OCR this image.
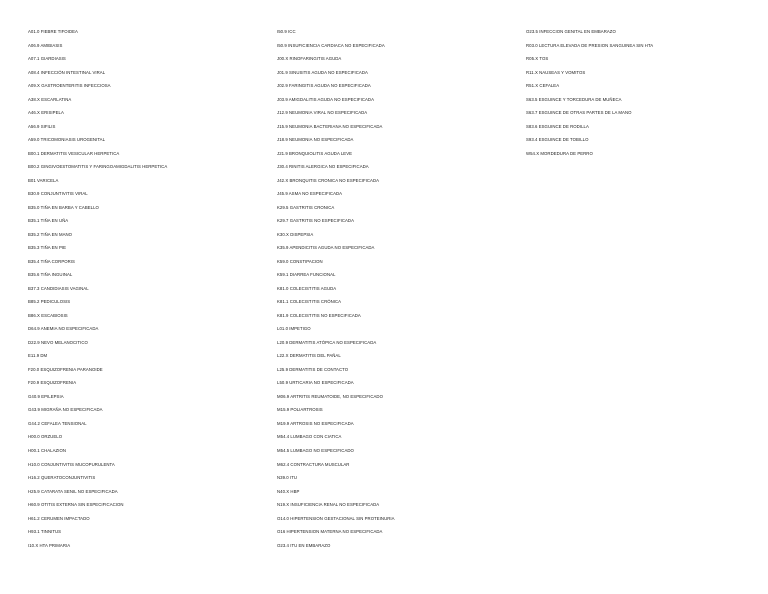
A01.0 FIEBRE TIFOIDEA
A06.9 AMIBIASIS
A07.1 GIARDIASIS
A08.4 INFECCIÓN INTESTINAL VIRAL
A09.X GASTROENTERITIS INFECCIOSA
A38.X ESCARLATINA
A46.X ERISIPELA
A56.9 SIFILIS
A59.0 TRICOMONIASIS UROGENITAL
B00.1 DERMATITIS VESICULAR HERPETICA
B00.2 GINGIVOESTOMATITIS Y FARINGOAMIGDALITIS HERPETICA
B01 VARICELA
B30.9 CONJUNTIVITIS VIRAL
B35.0 TIÑA EN BARBA Y CABELLO
B35.1 TIÑA EN UÑA
B35.2 TIÑA EN MANO
B35.3 TIÑA EN PIE
B35.4 TIÑA CORPORIS
B35.6 TIÑA INGUINAL
B37.3 CANDIDIASIS VAGINAL
B85.2 PEDICULOSIS
B86.X ESCABIOSIS
D64.9 ANEMIA NO ESPECIFICADA
D22.9 NEVO MELANOCITICO
E11.9 DM
F20.0 ESQUIZOFRENIA PARANOIDE
F20.9 ESQUIZOFRENIA
G40.9 EPILEPSIA
G43.9 MIGRAÑA NO ESPECIFICADA
G44.2 CEFALEA TENSIONAL
H00.0 ORZUELO
H00.1 CHALAZION
H10.0 CONJUNTIVITIS MUCOPURULENTA
H16.2 QUERATOCONJUNTIVITIS
H25.9 CATARATA SENIL NO ESPECIFICADA
H60.9 OTITIS EXTERNA SIN ESPECIFICACION
H61.2 CERUMEN IMPACTADO
H93.1 TINNITUS
I10.X HTA PRIMARIA
I50.9 ICC
I50.9 INSUFICIENCIA CARDIACA NO ESPECIFICADA
J00.X RINOFARINGITIS AGUDA
J01.9 SINUSITIS AGUDA NO ESPECIFICADA
J02.9 FARINGITIS AGUDA NO ESPECIFICADA
J03.9 AMIGDALITIS AGUDA NO ESPECIFICADA
J12.9 NEUMONIA VIRAL NO ESPECIFICADA
J15.9 NEUMONIA BACTERIANA NO ESPECIFICADA
J18.9 NEUMONIA NO ESPECIFICADA
J21.9 BRONQUIOLITIS AGUDA LEVE
J30.4 RINITIS ALERGICA NO ESPECIFICADA
J42.X BRONQUITIS CRONICA NO ESPECIFICADA
J45.9 ASMA NO ESPECIFICADA
K29.5 GASTRITIS CRONICA
K29.7 GASTRITIS NO ESPECIFICADA
K30.X DISPEPSIA
K35.9 APENDICITIS AGUDA NO ESPECIFICADA
K59.0 CONSTIPACION
K59.1 DIARREA FUNCIONAL
K81.0 COLECISTITIS AGUDA
K81.1 COLECISTITIS CRÓNICA
K81.9 COLECISTITIS NO ESPECIFICADA
L01.0 IMPETIGO
L20.9 DERMATITIS ATÓPICA NO ESPECIFICADA
L22.X DERMATITIS DEL PAÑAL
L25.9 DERMATITIS DE CONTACTO
L50.9 URTICARIA NO ESPECIFICADA
M06.9 ARTRITIS REUMATOIDE, NO ESPECIFICADO
M15.9 POLIARTROSIS
M19.9 ARTROSIS NO ESPECIFICADA
M54.4 LUMBAGO CON CIATICA
M54.5 LUMBAGO NO ESPECIFICADO
M62.4 CONTRACTURA MUSCULAR
N39.0 ITU
N40.X HBP
N19.X INSUFICIENCIA RENAL NO ESPECIFICADA
O14.0 HIPERTENSION GESTACIONAL SIN PROTEINURIA
O16 HIPERTENSION MATERNA NO ESPECIFICADA
O23.4 ITU EN EMBARAZO
O23.5 INFECCION GENITAL EN EMBARAZO
R03.0 LECTURA ELEVADA DE PRESION SANGUINEA SIN HTA
R05.X TOS
R11.X NAUSEAS Y VOMITOS
R51.X CEFALEA
S63.5 ESGUINCE Y TORCEDURA DE MUÑECA
S63.7 ESGUINCE DE OTRAS PARTES DE LA MANO
S83.6 ESGUINCE DE RODILLA
S93.4 ESGUINCE DE TOBILLO
W54.X MORDEDURA DE PERRO
